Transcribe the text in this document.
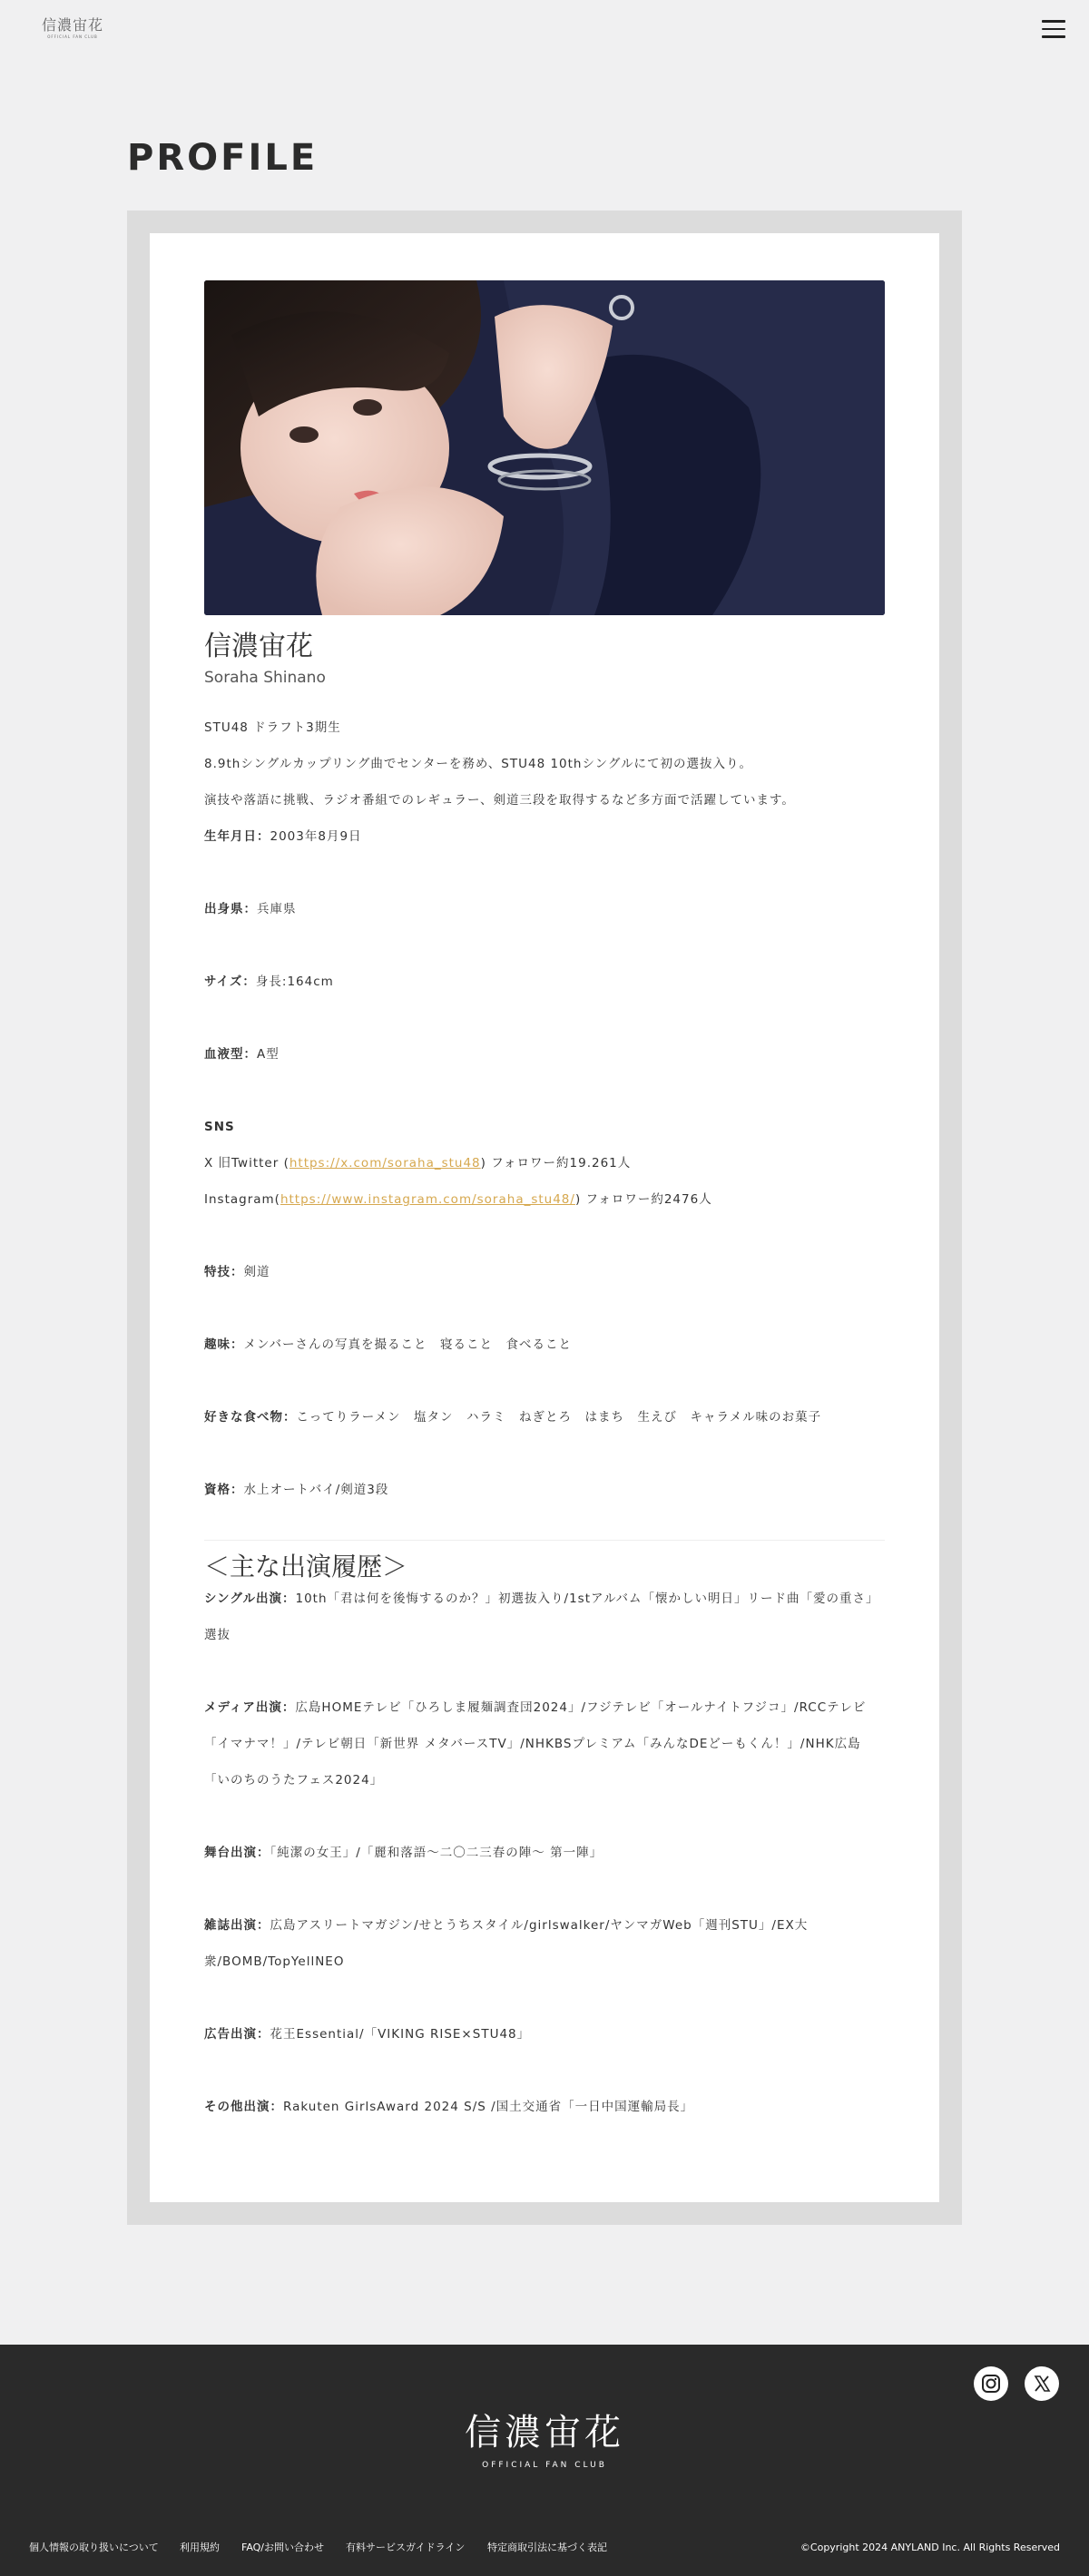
信濃宙花
OFFICIAL FAN CLUB
PROFILE
信濃宙花
Soraha Shinano
STU48 ドラフト3期生
8.9thシングルカップリング曲でセンターを務め、STU48 10thシングルにて初の選抜入り。
演技や落語に挑戦、ラジオ番組でのレギュラー、剣道三段を取得するなど多方面で活躍しています。
生年月日：2003年8月9日
出身県：兵庫県
サイズ：身長:164cm
血液型：A型
SNS
X 旧Twitter (https://x.com/soraha_stu48) フォロワー約19.261人
Instagram(https://www.instagram.com/soraha_stu48/) フォロワー約2476人
特技：剣道
趣味：メンバーさんの写真を撮ること　寝ること　食べること
好きな食べ物：こってりラーメン　塩タン　ハラミ　ねぎとろ　はまち　生えび　キャラメル味のお菓子
資格：水上オートバイ/剣道3段
＜主な出演履歴＞
シングル出演：10th「君は何を後悔するのか？」初選抜入り/1stアルバム「懐かしい明日」リード曲「愛の重さ」選抜
メディア出演：広島HOMEテレビ「ひろしま履麺調査団2024」/フジテレビ「オールナイトフジコ」/RCCテレビ「イマナマ！」/テレビ朝日「新世界 メタバースTV」/NHKBSプレミアム「みんなDEどーもくん！」/NHK広島「いのちのうたフェス2024」
舞台出演：「純潔の女王」/「麗和落語〜二〇二三春の陣〜 第一陣」
雑誌出演：広島アスリートマガジン/せとうちスタイル/girlswalker/ヤンマガWeb「週刊STU」/EX大衆/BOMB/TopYellNEO
広告出演：花王Essential/「VIKING RISE×STU48」
その他出演：Rakuten GirlsAward 2024 S/S /国土交通省「一日中国運輸局長」
信濃宙花
OFFICIAL FAN CLUB
個人情報の取り扱いについて 利用規約 FAQ/お問い合わせ 有料サービスガイドライン 特定商取引法に基づく表記	©Copyright 2024 ANYLAND Inc. All Rights Reserved
